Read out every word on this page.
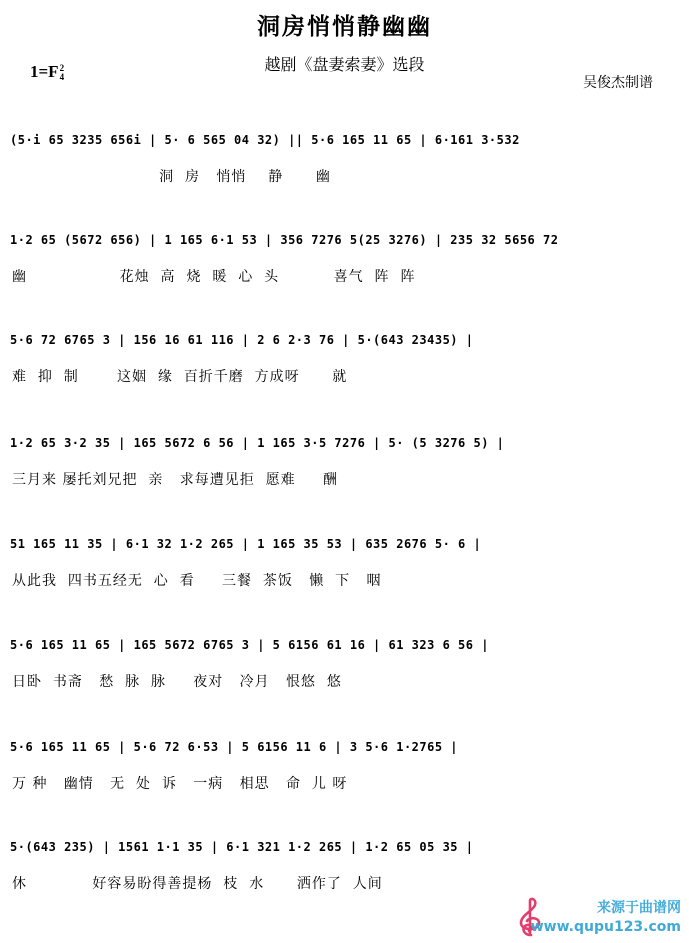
洞房悄悄静幽幽
越剧《盘妻索妻》选段
1=F2
4	吴俊杰制谱
(5·i 65 3235 656i | 5· 6 565 04 32) || 5·6 165 11 65 | 6·161 3·532
洞  房   悄悄    静      幽
1·2 65 (5672 656) | 1 165 6·1 53 | 356 7276 5(25 3276) | 235 32 5656 72
幽                 花烛  高  烧  暖  心  头          喜气  阵  阵
5·6 72 6765 3 | 156 16 61 116 | 2 6 2·3 76 | 5·(643 23435) |
难  抑  制       这姻  缘  百折千磨  方成呀      就
1·2 65 3·2 35 | 165 5672 6 56 | 1 165 3·5 7276 | 5· (5 3276 5) |
三月来 屡托刘兄把  亲   求每遭见拒  愿难     酬
51 165 11 35 | 6·1 32 1·2 265 | 1 165 35 53 | 635 2676 5· 6 |
从此我  四书五经无  心  看     三餐  茶饭   懒  下   咽
5·6 165 11 65 | 165 5672 6765 3 | 5 6156 61 16 | 61 323 6 56 |
日卧  书斋   愁  脉  脉     夜对   冷月   恨悠  悠
5·6 165 11 65 | 5·6 72 6·53 | 5 6156 11 6 | 3 5·6 1·2765 |
万 种   幽情   无  处  诉   一病   相思   命  儿 呀
5·(643 235) | 1561 1·1 35 | 6·1 321 1·2 265 | 1·2 65 05 35 |
休            好容易盼得善提杨  枝  水      洒作了  人间
来源于曲谱网
www.qupu123.com
